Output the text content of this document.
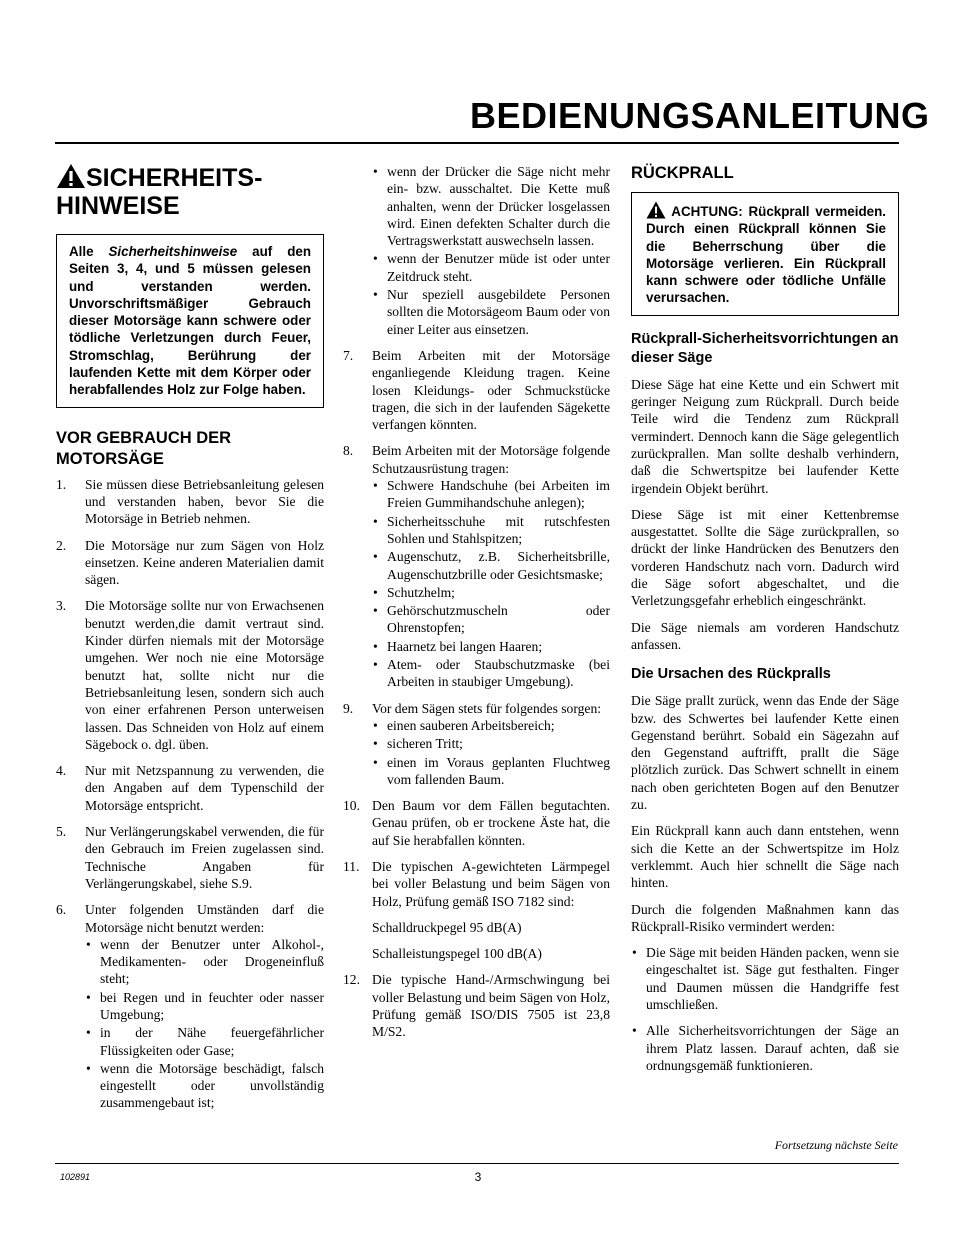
BEDIENUNGSANLEITUNG
SICHERHEITS-
HINWEISE
Alle Sicherheitshinweise auf den Seiten 3, 4, und 5 müssen gelesen und verstanden werden. Unvorschriftsmäßiger Gebrauch dieser Motorsäge kann schwere oder tödliche Verletzungen durch Feuer, Stromschlag, Berührung der laufenden Kette mit dem Körper oder herabfallendes Holz zur Folge haben.
VOR GEBRAUCH DER MOTORSÄGE
1. Sie müssen diese Betriebsanleitung gelesen und verstanden haben, bevor Sie die Motorsäge in Betrieb nehmen.
2. Die Motorsäge nur zum Sägen von Holz einsetzen. Keine anderen Materialien damit sägen.
3. Die Motorsäge sollte nur von Erwachsenen benutzt werden,die damit vertraut sind. Kinder dürfen niemals mit der Motorsäge umgehen. Wer noch nie eine Motorsäge benutzt hat, sollte nicht nur die Betriebsanleitung lesen, sondern sich auch von einer erfahrenen Person unterweisen lassen. Das Schneiden von Holz auf einem Sägebock o. dgl. üben.
4. Nur mit Netzspannung zu verwenden, die den Angaben auf dem Typenschild der Motorsäge entspricht.
5. Nur Verlängerungskabel verwenden, die für den Gebrauch im Freien zugelassen sind. Technische Angaben für Verlängerungskabel, siehe S.9.
6. Unter folgenden Umständen darf die Motorsäge nicht benutzt werden:
• wenn der Benutzer unter Alkohol-, Medikamenten- oder Drogeneinfluß steht;
• bei Regen und in feuchter oder nasser Umgebung;
• in der Nähe feuergefährlicher Flüssigkeiten oder Gase;
• wenn die Motorsäge beschädigt, falsch eingestellt oder unvollständig zusammengebaut ist;
• wenn der Drücker die Säge nicht mehr ein- bzw. ausschaltet. Die Kette muß anhalten, wenn der Drücker losgelassen wird. Einen defekten Schalter durch die Vertragswerkstatt auswechseln lassen.
• wenn der Benutzer müde ist oder unter Zeitdruck steht.
• Nur speziell ausgebildete Personen sollten die Motorsägeom Baum oder von einer Leiter aus einsetzen.
7. Beim Arbeiten mit der Motorsäge enganliegende Kleidung tragen. Keine losen Kleidungs- oder Schmuckstücke tragen, die sich in der laufenden Sägekette verfangen könnten.
8. Beim Arbeiten mit der Motorsäge folgende Schutzausrüstung tragen:
• Schwere Handschuhe (bei Arbeiten im Freien Gummihandschuhe anlegen);
• Sicherheitsschuhe mit rutschfesten Sohlen und Stahlspitzen;
• Augenschutz, z.B. Sicherheitsbrille, Augenschutzbrille oder Gesichtsmaske;
• Schutzhelm;
• Gehörschutzmuscheln oder Ohrenstopfen;
• Haarnetz bei langen Haaren;
• Atem- oder Staubschutzmaske (bei Arbeiten in staubiger Umgebung).
9. Vor dem Sägen stets für folgendes sorgen:
• einen sauberen Arbeitsbereich;
• sicheren Tritt;
• einen im Voraus geplanten Fluchtweg vom fallenden Baum.
10. Den Baum vor dem Fällen begutachten. Genau prüfen, ob er trockene Äste hat, die auf Sie herabfallen könnten.
11. Die typischen A-gewichteten Lärmpegel bei voller Belastung und beim Sägen von Holz, Prüfung gemäß ISO 7182 sind:
Schalldruckpegel 95 dB(A)
Schalleistungspegel 100 dB(A)
12. Die typische Hand-/Armschwingung bei voller Belastung und beim Sägen von Holz, Prüfung gemäß ISO/DIS 7505 ist 23,8 M/S2.
RÜCKPRALL
ACHTUNG: Rückprall vermeiden. Durch einen Rückprall können Sie die Beherrschung über die Motorsäge verlieren. Ein Rückprall kann schwere oder tödliche Unfälle verursachen.
Rückprall-Sicherheitsvorrichtungen an dieser Säge

Diese Säge hat eine Kette und ein Schwert mit geringer Neigung zum Rückprall. Durch beide Teile wird die Tendenz zum Rückprall vermindert. Dennoch kann die Säge gelegentlich zurückprallen. Man sollte deshalb verhindern, daß die Schwertspitze bei laufender Kette irgendein Objekt berührt.

Diese Säge ist mit einer Kettenbremse ausgestattet. Sollte die Säge zurückprallen, so drückt der linke Handrücken des Benutzers den vorderen Handschutz nach vorn. Dadurch wird die Säge sofort abgeschaltet, und die Verletzungsgefahr erheblich eingeschränkt.

Die Säge niemals am vorderen Handschutz anfassen.

Die Ursachen des Rückpralls

Die Säge prallt zurück, wenn das Ende der Säge bzw. des Schwertes bei laufender Kette einen Gegenstand berührt. Sobald ein Sägezahn auf den Gegenstand auftrifft, prallt die Säge plötzlich zurück. Das Schwert schnellt in einem nach oben gerichteten Bogen auf den Benutzer zu.

Ein Rückprall kann auch dann entstehen, wenn sich die Kette an der Schwertspitze im Holz verklemmt. Auch hier schnellt die Säge nach hinten.

Durch die folgenden Maßnahmen kann das Rückprall-Risiko vermindert werden:

• Die Säge mit beiden Händen packen, wenn sie eingeschaltet ist. Säge gut festhalten. Finger und Daumen müssen die Handgriffe fest umschließen.
• Alle Sicherheitsvorrichtungen der Säge an ihrem Platz lassen. Darauf achten, daß sie ordnungsgemäß funktionieren.
Fortsetzung nächste Seite
102891	3
